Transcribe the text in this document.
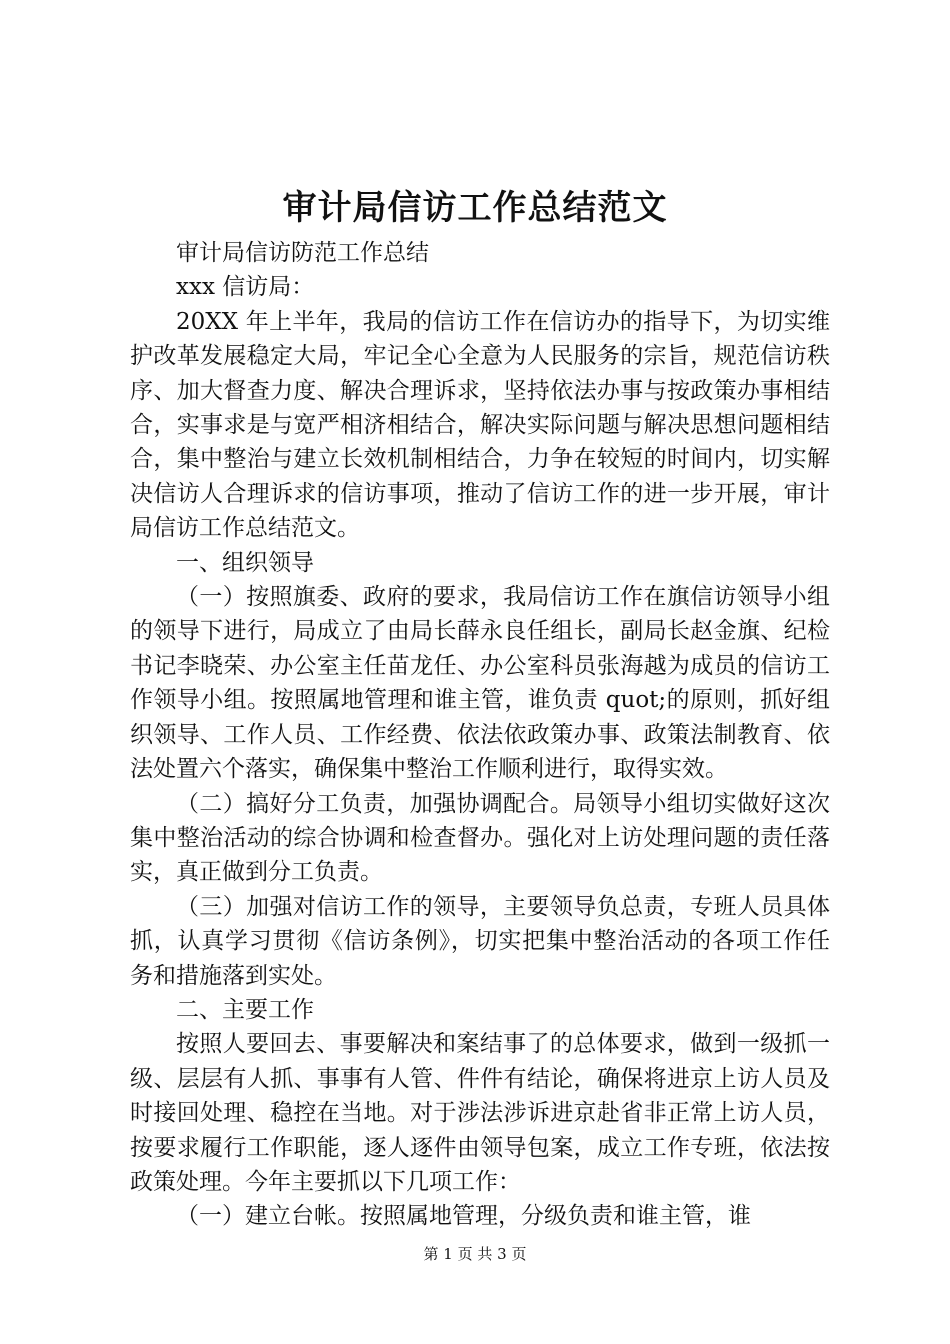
审计局信访工作总结范文

审计局信访防范工作总结

xxx 信访局：

20XX 年上半年，我局的信访工作在信访办的指导下，为切实维护改革发展稳定大局，牢记全心全意为人民服务的宗旨，规范信访秩序、加大督查力度、解决合理诉求，坚持依法办事与按政策办事相结合，实事求是与宽严相济相结合，解决实际问题与解决思想问题相结合，集中整治与建立长效机制相结合，力争在较短的时间内，切实解决信访人合理诉求的信访事项，推动了信访工作的进一步开展，审计局信访工作总结范文。

一、组织领导

（一）按照旗委、政府的要求，我局信访工作在旗信访领导小组的领导下进行，局成立了由局长薛永良任组长，副局长赵金旗、纪检书记李晓荣、办公室主任苗龙任、办公室科员张海越为成员的信访工作领导小组。按照属地管理和谁主管，谁负责 quot;的原则，抓好组织领导、工作人员、工作经费、依法依政策办事、政策法制教育、依法处置六个落实，确保集中整治工作顺利进行，取得实效。

（二）搞好分工负责，加强协调配合。局领导小组切实做好这次集中整治活动的综合协调和检查督办。强化对上访处理问题的责任落实，真正做到分工负责。

（三）加强对信访工作的领导，主要领导负总责，专班人员具体抓，认真学习贯彻《信访条例》，切实把集中整治活动的各项工作任务和措施落到实处。

二、主要工作

按照人要回去、事要解决和案结事了的总体要求，做到一级抓一级、层层有人抓、事事有人管、件件有结论，确保将进京上访人员及时接回处理、稳控在当地。对于涉法涉诉进京赴省非正常上访人员，按要求履行工作职能，逐人逐件由领导包案，成立工作专班，依法按政策处理。今年主要抓以下几项工作：

（一）建立台帐。按照属地管理，分级负责和谁主管，谁

第 1 页 共 3 页
